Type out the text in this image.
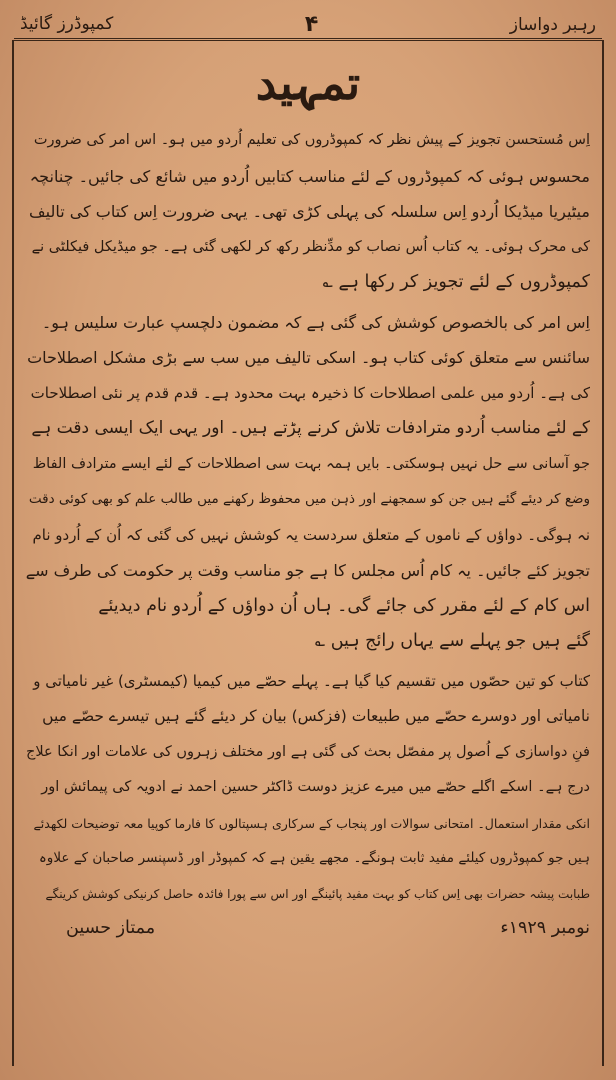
رہبر دواساز
۴
کمپوڈرز گائیڈ
تمہید
اِس مُستحسن تجویز کے پیش نظر کہ کمپوڈروں کی تعلیم اُردو میں ہو۔ اس امر کی ضرورت
محسوس ہوئی کہ کمپوڈروں کے لئے مناسب کتابیں اُردو میں شائع کی جائیں۔ چنانچہ
میٹیریا میڈیکا اُردو اِس سلسلہ کی پہلی کڑی تھی۔ یہی ضرورت اِس کتاب کی تالیف
کی محرک ہوئی۔ یہ کتاب اُس نصاب کو مدِّنظر رکھ کر لکھی گئی ہے۔ جو میڈیکل فیکلٹی نے
کمپوڈروں کے لئے تجویز کر رکھا ہے ؎
اِس امر کی بالخصوص کوشش کی گئی ہے کہ مضمون دلچسپ عبارت سلیس ہو۔
سائنس سے متعلق کوئی کتاب ہو۔ اسکی تالیف میں سب سے بڑی مشکل اصطلاحات
کی ہے۔ اُردو میں علمی اصطلاحات کا ذخیرہ بہت محدود ہے۔ قدم قدم پر نئی اصطلاحات
کے لئے مناسب اُردو مترادفات تلاش کرنے پڑتے ہیں۔ اور یہی ایک ایسی دقت ہے
جو آسانی سے حل نہیں ہوسکتی۔ بایں ہمہ بہت سی اصطلاحات کے لئے ایسے مترادف الفاظ
وضع کر دیئے گئے ہیں جن کو سمجھنے اور ذہن میں محفوظ رکھنے میں طالب علم کو بھی کوئی دقت
نہ ہوگی۔ دواؤں کے ناموں کے متعلق سردست یہ کوشش نہیں کی گئی کہ اُن کے اُردو نام
تجویز کئے جائیں۔ یہ کام اُس مجلس کا ہے جو مناسب وقت پر حکومت کی طرف سے
اس کام کے لئے مقرر کی جائے گی۔ ہاں اُن دواؤں کے اُردو نام دیدیئے
گئے ہیں جو پہلے سے یہاں رائج ہیں ؎
کتاب کو تین حصّوں میں تقسیم کیا گیا ہے۔ پہلے حصّے میں کیمیا (کیمسٹری) غیر نامیاتی و
نامیاتی اور دوسرے حصّے میں طبیعات (فزکس) بیان کر دیئے گئے ہیں تیسرے حصّے میں
فنِ دواسازی کے اُصول پر مفصّل بحث کی گئی ہے اور مختلف زہروں کی علامات اور انکا علاج
درج ہے۔ اسکے اگلے حصّے میں میرے عزیز دوست ڈاکٹر حسین احمد نے ادویہ کی پیمائش اور
انکی مقدار استعمال۔ امتحانی سوالات اور پنجاب کے سرکاری ہسپتالوں کا فارما کوپیا معہ توضیحات لکھدئے
ہیں جو کمپوڈروں کیلئے مفید ثابت ہونگے۔ مجھے یقین ہے کہ کمپوڈر اور ڈسپنسر صاحبان کے علاوہ
طبابت پیشہ حضرات بھی اِس کتاب کو بہت مفید پائینگے اور اس سے پورا فائدہ حاصل کرنیکی کوشش کرینگے
نومبر ۱۹۲۹ء
ممتاز حسین
